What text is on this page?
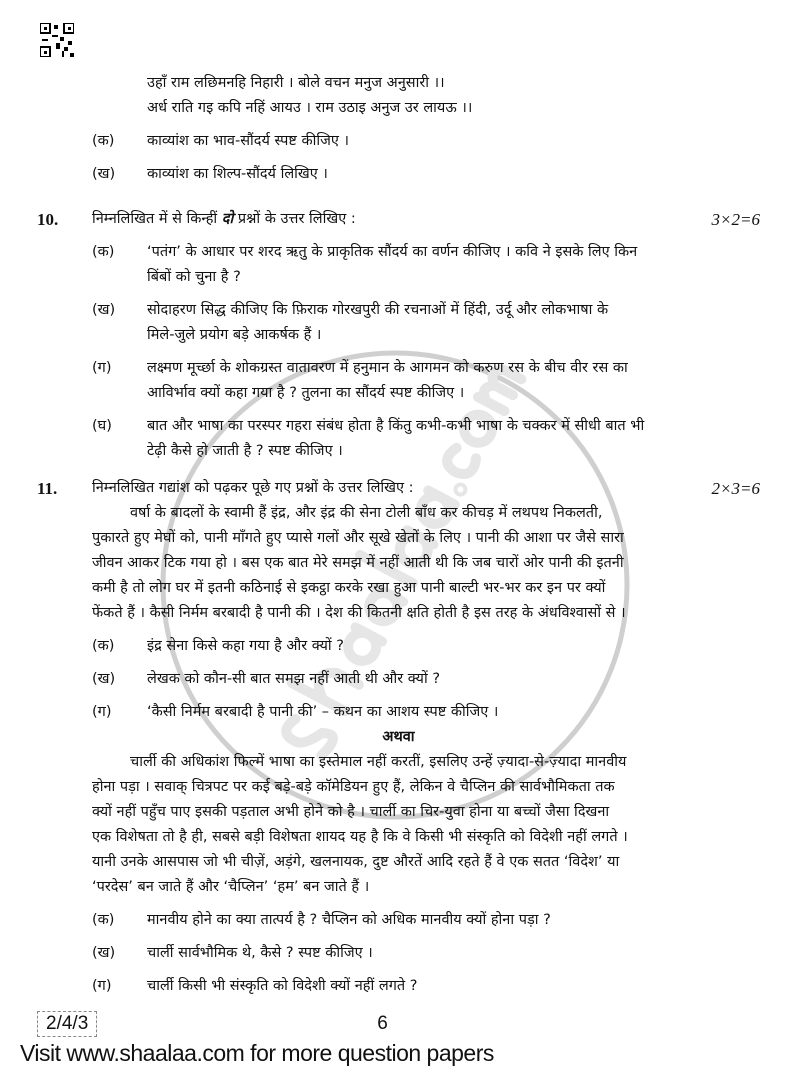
उहाँ राम लछिमनहि निहारी । बोले वचन मनुज अनुसारी ।।
अर्ध राति गइ कपि नहिं आयउ । राम उठाइ अनुज उर लायऊ ।।
(क)	काव्यांश का भाव-सौंदर्य स्पष्ट कीजिए ।
(ख)	काव्यांश का शिल्प-सौंदर्य लिखिए ।
10.	निम्नलिखित में से किन्हीं दो प्रश्नों के उत्तर लिखिए :	3×2=6
(क)	‘पतंग’ के आधार पर शरद ऋतु के प्राकृतिक सौंदर्य का वर्णन कीजिए । कवि ने इसके लिए किन
बिंबों को चुना है ?
(ख)	सोदाहरण सिद्ध कीजिए कि फ़िराक गोरखपुरी की रचनाओं में हिंदी, उर्दू और लोकभाषा के
मिले-जुले प्रयोग बड़े आकर्षक हैं ।
(ग)	लक्ष्मण मूर्च्छा के शोकग्रस्त वातावरण में हनुमान के आगमन को करुण रस के बीच वीर रस का
आविर्भाव क्यों कहा गया है ? तुलना का सौंदर्य स्पष्ट कीजिए ।
(घ)	बात और भाषा का परस्पर गहरा संबंध होता है किंतु कभी-कभी भाषा के चक्कर में सीधी बात भी
टेढ़ी कैसे हो जाती है ? स्पष्ट कीजिए ।
11.	निम्नलिखित गद्यांश को पढ़कर पूछे गए प्रश्नों के उत्तर लिखिए :	2×3=6
वर्षा के बादलों के स्वामी हैं इंद्र, और इंद्र की सेना टोली बाँध कर कीचड़ में लथपथ निकलती,
पुकारते हुए मेघों को, पानी माँगते हुए प्यासे गलों और सूखे खेतों के लिए । पानी की आशा पर जैसे सारा
जीवन आकर टिक गया हो । बस एक बात मेरे समझ में नहीं आती थी कि जब चारों ओर पानी की इतनी
कमी है तो लोग घर में इतनी कठिनाई से इकट्ठा करके रखा हुआ पानी बाल्टी भर-भर कर इन पर क्यों
फेंकते हैं । कैसी निर्मम बरबादी है पानी की । देश की कितनी क्षति होती है इस तरह के अंधविश्वासों से ।
(क)	इंद्र सेना किसे कहा गया है और क्यों ?
(ख)	लेखक को कौन-सी बात समझ नहीं आती थी और क्यों ?
(ग)	‘कैसी निर्मम बरबादी है पानी की’ – कथन का आशय स्पष्ट कीजिए ।
अथवा
चार्ली की अधिकांश फिल्में भाषा का इस्तेमाल नहीं करतीं, इसलिए उन्हें ज़्यादा-से-ज़्यादा मानवीय
होना पड़ा । सवाक् चित्रपट पर कई बड़े-बड़े कॉमेडियन हुए हैं, लेकिन वे चैप्लिन की सार्वभौमिकता तक
क्यों नहीं पहुँच पाए इसकी पड़ताल अभी होने को है । चार्ली का चिर-युवा होना या बच्चों जैसा दिखना
एक विशेषता तो है ही, सबसे बड़ी विशेषता शायद यह है कि वे किसी भी संस्कृति को विदेशी नहीं लगते ।
यानी उनके आसपास जो भी चीज़ें, अड़ंगे, खलनायक, दुष्ट औरतें आदि रहते हैं वे एक सतत ‘विदेश’ या
‘परदेस’ बन जाते हैं और ‘चैप्लिन’ ‘हम’ बन जाते हैं ।
(क)	मानवीय होने का क्या तात्पर्य है ? चैप्लिन को अधिक मानवीय क्यों होना पड़ा ?
(ख)	चार्ली सार्वभौमिक थे, कैसे ? स्पष्ट कीजिए ।
(ग)	चार्ली किसी भी संस्कृति को विदेशी क्यों नहीं लगते ?
2/4/3	6
Visit www.shaalaa.com for more question papers
